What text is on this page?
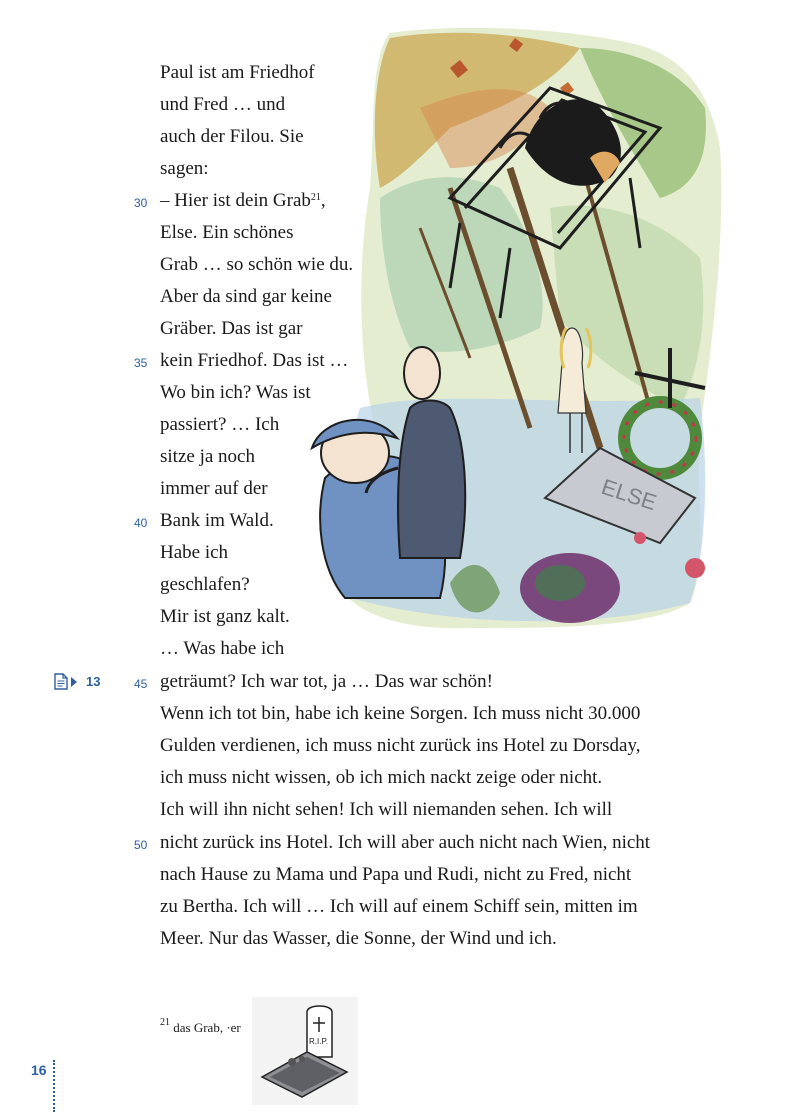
ELSE
Paul ist am Friedhof
und Fred … und
auch der Filou. Sie
sagen:
– Hier ist dein Grab$^{21}$,
Else. Ein schönes
Grab … so schön wie du.
Aber da sind gar keine
Gräber. Das ist gar
kein Friedhof. Das ist …
Wo bin ich? Was ist
passiert? … Ich
sitze ja noch
immer auf der
Bank im Wald.
Habe ich
geschlafen?
Mir ist ganz kalt.
… Was habe ich
geträumt? Ich war tot, ja … Das war schön!
Wenn ich tot bin, habe ich keine Sorgen. Ich muss nicht 30.000
Gulden verdienen, ich muss nicht zurück ins Hotel zu Dorsday,
ich muss nicht wissen, ob ich mich nackt zeige oder nicht.
Ich will ihn nicht sehen! Ich will niemanden sehen. Ich will
nicht zurück ins Hotel. Ich will aber auch nicht nach Wien, nicht
nach Hause zu Mama und Papa und Rudi, nicht zu Fred, nicht
zu Bertha. Ich will … Ich will auf einem Schiff sein, mitten im
Meer. Nur das Wasser, die Sonne, der Wind und ich.
30
35
40
45
50
13
$^{21}$ das Grab, ·er
R.I.P.
16
